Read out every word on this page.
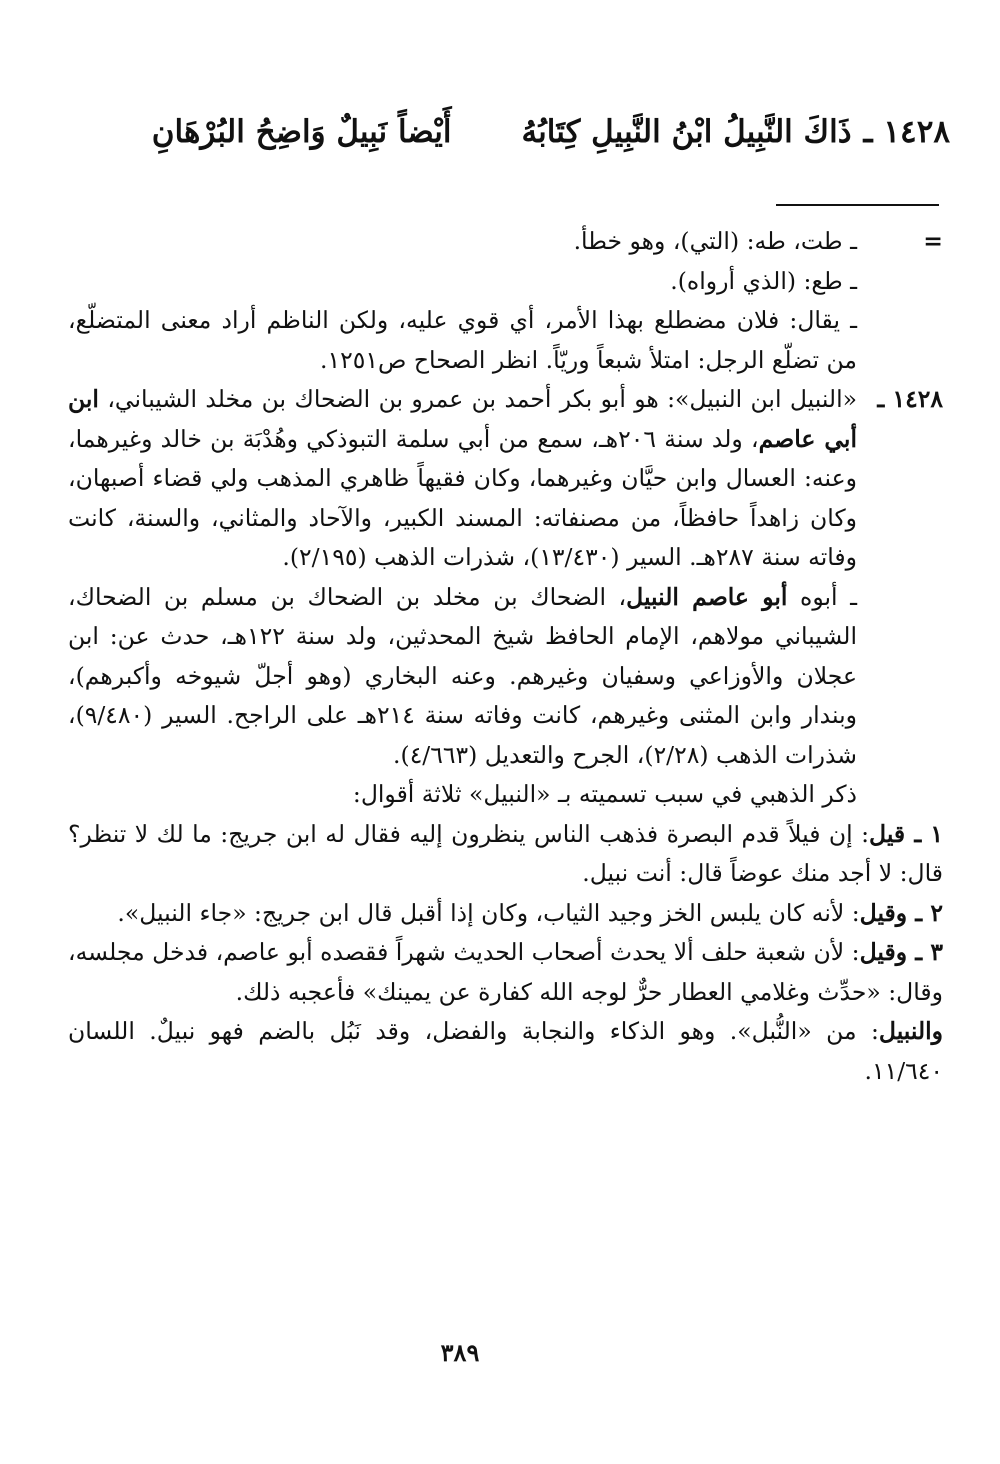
١٤٢٨ ـ
ذَاكَ النَّبِيلُ ابْنُ النَّبِيلِ كِتَابُهُ
أَيْضاً نَبِيلٌ وَاضِحُ البُرْهَانِ
=

ـ طت، طه: (التي)، وهو خطأ.

ـ طع: (الذي أرواه).

ـ يقال: فلان مضطلع بهذا الأمر، أي قوي عليه، ولكن الناظم أراد معنى المتضلّع، من تضلّع الرجل: امتلأ شبعاً وريّاً. انظر الصحاح ص١٢٥١.

١٤٢٨ ـ

«النبيل ابن النبيل»: هو أبو بكر أحمد بن عمرو بن الضحاك بن مخلد الشيباني، ابن أبي عاصم، ولد سنة ٢٠٦هـ، سمع من أبي سلمة التبوذكي وهُدْبَة بن خالد وغيرهما، وعنه: العسال وابن حيَّان وغيرهما، وكان فقيهاً ظاهري المذهب ولي قضاء أصبهان، وكان زاهداً حافظاً، من مصنفاته: المسند الكبير، والآحاد والمثاني، والسنة، كانت وفاته سنة ٢٨٧هـ. السير (١٣/٤٣٠)، شذرات الذهب (٢/١٩٥).

ـ أبوه أبو عاصم النبيل، الضحاك بن مخلد بن الضحاك بن مسلم بن الضحاك، الشيباني مولاهم، الإمام الحافظ شيخ المحدثين، ولد سنة ١٢٢هـ، حدث عن: ابن عجلان والأوزاعي وسفيان وغيرهم. وعنه البخاري (وهو أجلّ شيوخه وأكبرهم)، وبندار وابن المثنى وغيرهم، كانت وفاته سنة ٢١٤هـ على الراجح. السير (٩/٤٨٠)، شذرات الذهب (٢/٢٨)، الجرح والتعديل (٤/٦٦٣).

ذكر الذهبي في سبب تسميته بـ «النبيل» ثلاثة أقوال:

١ ـ قيل: إن فيلاً قدم البصرة فذهب الناس ينظرون إليه فقال له ابن جريج: ما لك لا تنظر؟ قال: لا أجد منك عوضاً قال: أنت نبيل.

٢ ـ وقيل: لأنه كان يلبس الخز وجيد الثياب، وكان إذا أقبل قال ابن جريج: «جاء النبيل».

٣ ـ وقيل: لأن شعبة حلف ألا يحدث أصحاب الحديث شهراً فقصده أبو عاصم، فدخل مجلسه، وقال: «حدِّث وغلامي العطار حرٌّ لوجه الله كفارة عن يمينك» فأعجبه ذلك.

والنبيل: من «النُّبل». وهو الذكاء والنجابة والفضل، وقد نَبُل بالضم فهو نبيلٌ. اللسان ١١/٦٤٠.

٣٨٩
